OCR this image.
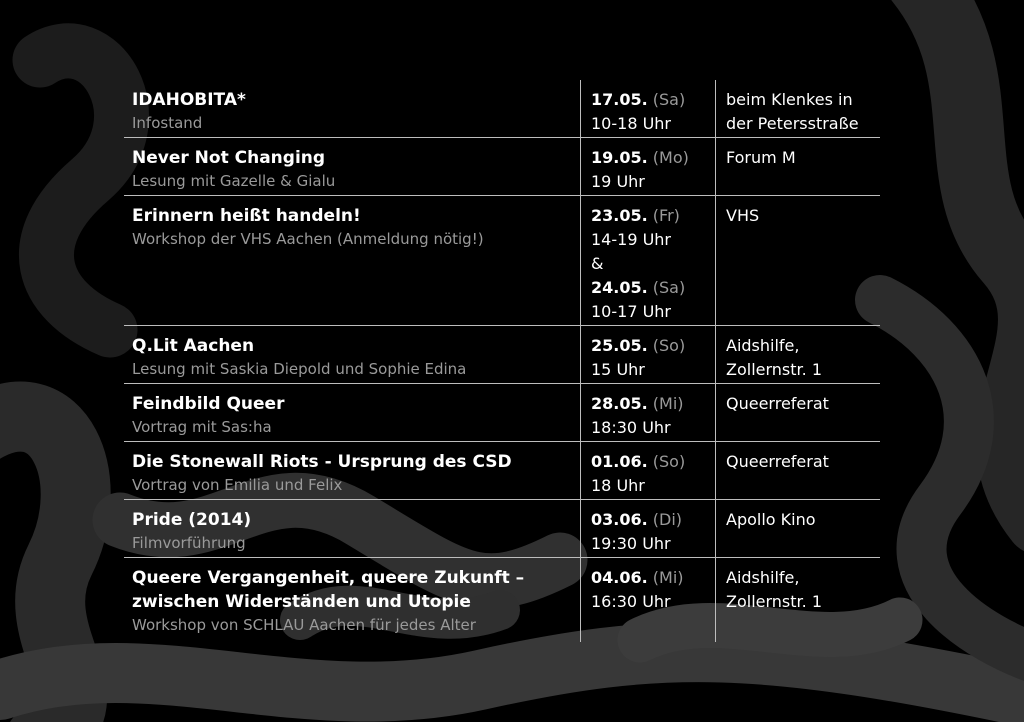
IDAHOBITA*
Infostand
17.05. (Sa)
10-18 Uhr
beim Klenkes in
der Petersstraße
Never Not Changing
Lesung mit Gazelle & Gialu
19.05. (Mo)
19 Uhr
Forum M
Erinnern heißt handeln!
Workshop der VHS Aachen (Anmeldung nötig!)
23.05. (Fr)
14-19 Uhr
&
24.05. (Sa)
10-17 Uhr
VHS
Q.Lit Aachen
Lesung mit Saskia Diepold und Sophie Edina
25.05. (So)
15 Uhr
Aidshilfe,
Zollernstr. 1
Feindbild Queer
Vortrag mit Sas:ha
28.05. (Mi)
18:30 Uhr
Queerreferat
Die Stonewall Riots - Ursprung des CSD
Vortrag von Emilia und Felix
01.06. (So)
18 Uhr
Queerreferat
Pride (2014)
Filmvorführung
03.06. (Di)
19:30 Uhr
Apollo Kino
Queere Vergangenheit, queere Zukunft –
zwischen Widerständen und Utopie
Workshop von SCHLAU Aachen für jedes Alter
04.06. (Mi)
16:30 Uhr
Aidshilfe,
Zollernstr. 1
